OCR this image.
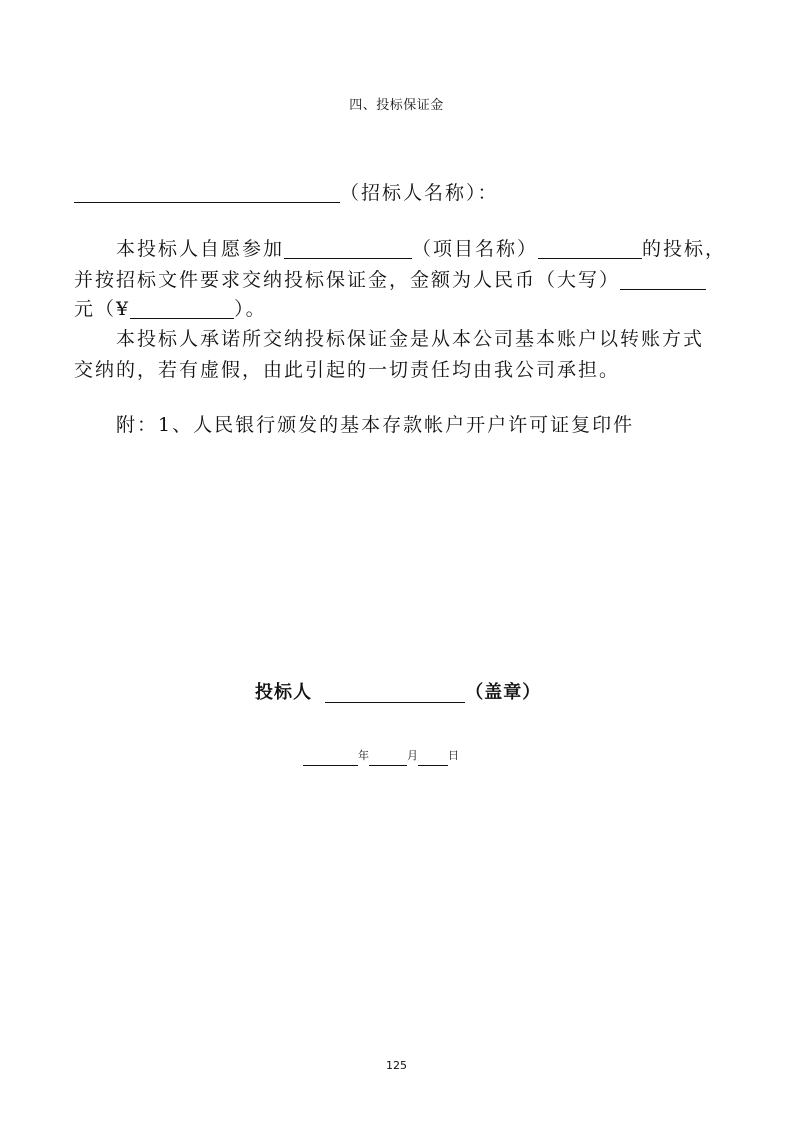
四、投标保证金
（招标人名称）：
本投标人自愿参加	（项目名称）	的投标，
并按招标文件要求交纳投标保证金，金额为人民币（大写）
元（¥	）。
本投标人承诺所交纳投标保证金是从本公司基本账户以转账方式
交纳的，若有虚假，由此引起的一切责任均由我公司承担。
附：1、人民银行颁发的基本存款帐户开户许可证复印件
投标人	（盖章）
年	月	日
125
